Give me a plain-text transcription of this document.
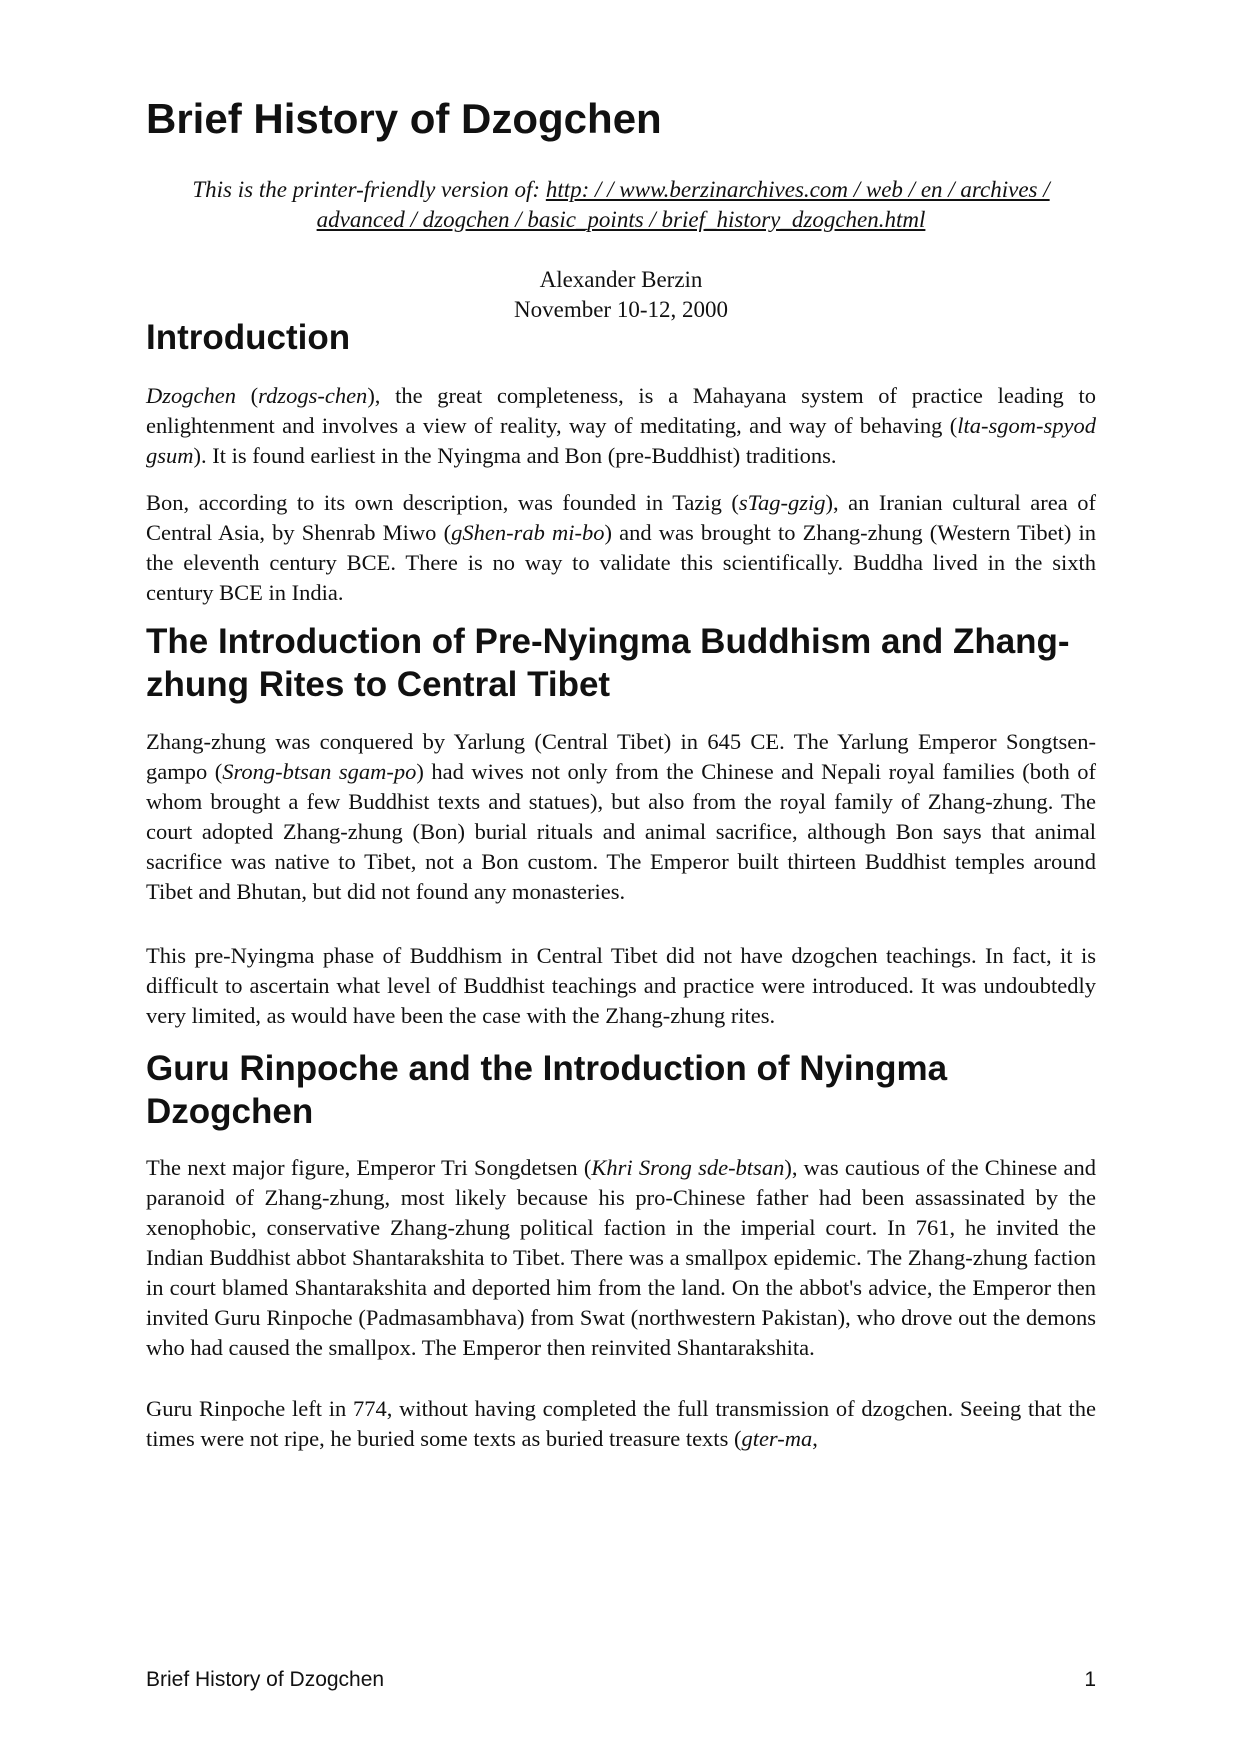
Brief History of Dzogchen
This is the printer-friendly version of: http: / / www.berzinarchives.com / web / en / archives /
advanced / dzogchen / basic_points / brief_history_dzogchen.html
Alexander Berzin
November 10-12, 2000
Introduction

Dzogchen (rdzogs-chen), the great completeness, is a Mahayana system of practice leading to enlightenment and involves a view of reality, way of meditating, and way of behaving (lta-sgom-spyod gsum). It is found earliest in the Nyingma and Bon (pre-Buddhist) traditions.

Bon, according to its own description, was founded in Tazig (sTag-gzig), an Iranian cultural area of Central Asia, by Shenrab Miwo (gShen-rab mi-bo) and was brought to Zhang-zhung (Western Tibet) in the eleventh century BCE. There is no way to validate this scientifically. Buddha lived in the sixth century BCE in India.

The Introduction of Pre-Nyingma Buddhism and Zhang-zhung Rites to Central Tibet

Zhang-zhung was conquered by Yarlung (Central Tibet) in 645 CE. The Yarlung Emperor Songtsen-gampo (Srong-btsan sgam-po) had wives not only from the Chinese and Nepali royal families (both of whom brought a few Buddhist texts and statues), but also from the royal family of Zhang-zhung. The court adopted Zhang-zhung (Bon) burial rituals and animal sacrifice, although Bon says that animal sacrifice was native to Tibet, not a Bon custom. The Emperor built thirteen Buddhist temples around Tibet and Bhutan, but did not found any monasteries.

This pre-Nyingma phase of Buddhism in Central Tibet did not have dzogchen teachings. In fact, it is difficult to ascertain what level of Buddhist teachings and practice were introduced. It was undoubtedly very limited, as would have been the case with the Zhang-zhung rites.

Guru Rinpoche and the Introduction of Nyingma Dzogchen

The next major figure, Emperor Tri Songdetsen (Khri Srong sde-btsan), was cautious of the Chinese and paranoid of Zhang-zhung, most likely because his pro-Chinese father had been assassinated by the xenophobic, conservative Zhang-zhung political faction in the imperial court. In 761, he invited the Indian Buddhist abbot Shantarakshita to Tibet. There was a smallpox epidemic. The Zhang-zhung faction in court blamed Shantarakshita and deported him from the land. On the abbot's advice, the Emperor then invited Guru Rinpoche (Padmasambhava) from Swat (northwestern Pakistan), who drove out the demons who had caused the smallpox. The Emperor then reinvited Shantarakshita.

Guru Rinpoche left in 774, without having completed the full transmission of dzogchen. Seeing that the times were not ripe, he buried some texts as buried treasure texts (gter-ma,

Brief History of Dzogchen	1
